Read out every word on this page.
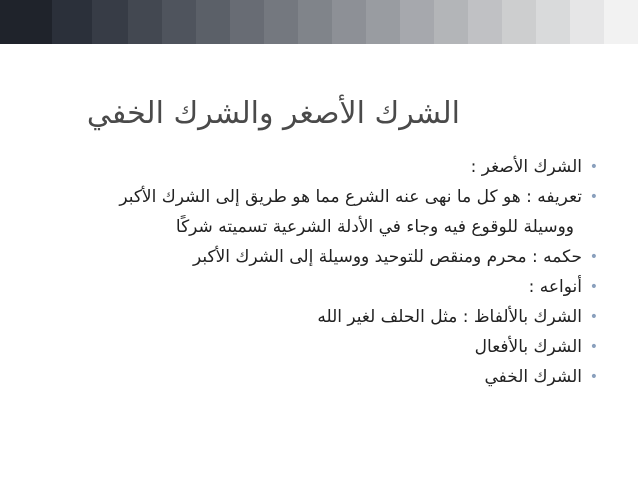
الشرك الأصغر والشرك الخفي
•
الشرك الأصغر :
•
تعريفه : هو كل ما نهى عنه الشرع مما هو طريق إلى الشرك الأكبر
ووسيلة للوقوع فيه وجاء في الأدلة الشرعية تسميته شركًا
•
حكمه : محرم ومنقص للتوحيد ووسيلة إلى الشرك الأكبر
•
أنواعه :
•
الشرك بالألفاظ : مثل الحلف لغير الله
•
الشرك بالأفعال
•
الشرك الخفي
